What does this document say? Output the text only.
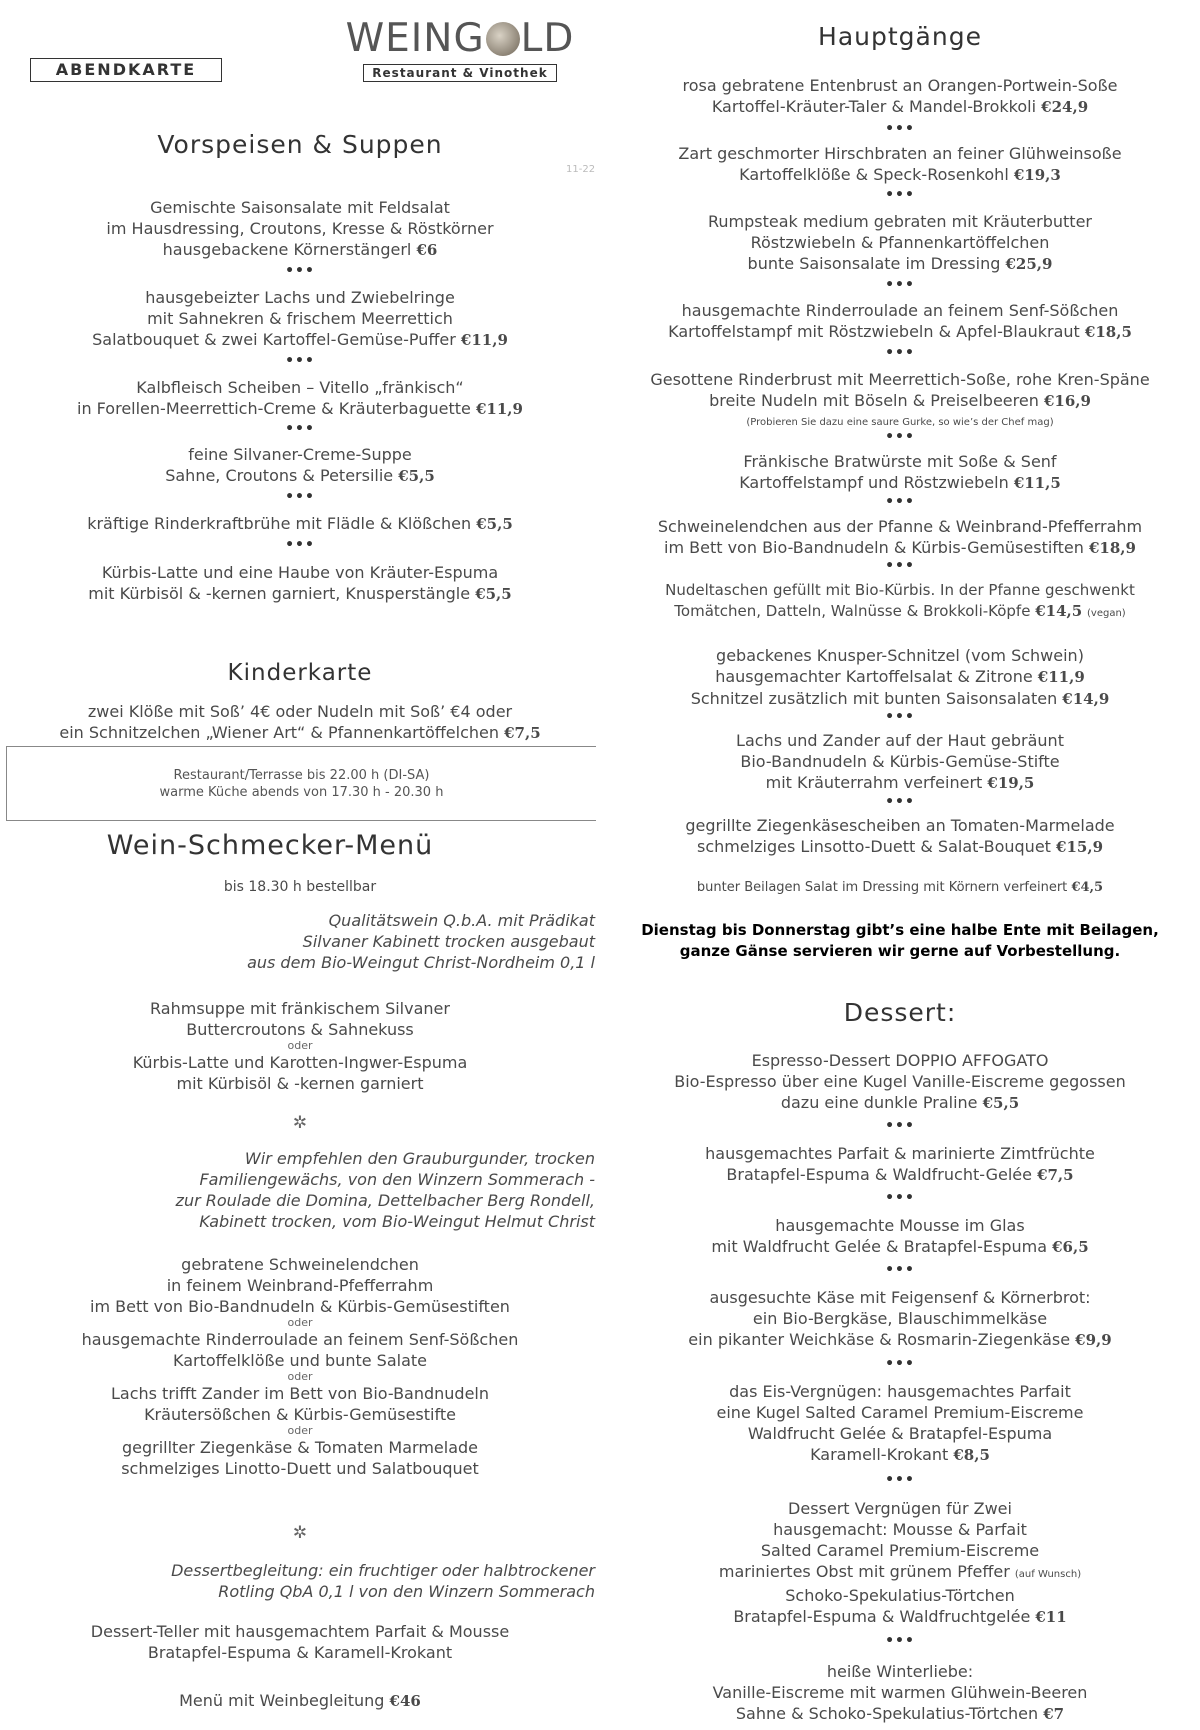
ABENDKARTE
Vorspeisen & Suppen
11-22
Gemischte Saisonsalate mit Feldsalat
im Hausdressing, Croutons, Kresse & Röstkörner
hausgebackene Körnerstängerl €6
•••
hausgebeizter Lachs und Zwiebelringe
mit Sahnekren & frischem Meerrettich
Salatbouquet & zwei Kartoffel-Gemüse-Puffer €11,9
•••
Kalbfleisch Scheiben – Vitello „fränkisch“
in Forellen-Meerrettich-Creme & Kräuterbaguette €11,9
•••
feine Silvaner-Creme-Suppe
Sahne, Croutons & Petersilie €5,5
•••
kräftige Rinderkraftbrühe mit Flädle & Klößchen €5,5
•••
Kürbis-Latte und eine Haube von Kräuter-Espuma
mit Kürbisöl & -kernen garniert, Knusperstängle €5,5
Kinderkarte
zwei Klöße mit Soß’ 4€ oder Nudeln mit Soß’ €4 oder
ein Schnitzelchen „Wiener Art“ & Pfannenkartöffelchen €7,5
Restaurant/Terrasse bis 22.00 h (DI-SA)
warme Küche abends von 17.30 h - 20.30 h
Wein-Schmecker-Menü
bis 18.30 h bestellbar
Qualitätswein Q.b.A. mit Prädikat
Silvaner Kabinett trocken ausgebaut
aus dem Bio-Weingut Christ-Nordheim 0,1 l
Rahmsuppe mit fränkischem Silvaner
Buttercroutons & Sahnekuss
oder
Kürbis-Latte und Karotten-Ingwer-Espuma
mit Kürbisöl & -kernen garniert
✲
Wir empfehlen den Grauburgunder, trocken
Familiengewächs, von den Winzern Sommerach -
zur Roulade die Domina, Dettelbacher Berg Rondell,
Kabinett trocken, vom Bio-Weingut Helmut Christ
gebratene Schweinelendchen
in feinem Weinbrand-Pfefferrahm
im Bett von Bio-Bandnudeln & Kürbis-Gemüsestiften
oder
hausgemachte Rinderroulade an feinem Senf-Sößchen
Kartoffelklöße und bunte Salate
oder
Lachs trifft Zander im Bett von Bio-Bandnudeln
Kräutersößchen & Kürbis-Gemüsestifte
oder
gegrillter Ziegenkäse & Tomaten Marmelade
schmelziges Linotto-Duett und Salatbouquet
✲
Dessertbegleitung: ein fruchtiger oder halbtrockener
Rotling QbA 0,1 l von den Winzern Sommerach
Dessert-Teller mit hausgemachtem Parfait & Mousse
Bratapfel-Espuma & Karamell-Krokant
Menü mit Weinbegleitung €46
WEING LD
Restaurant & Vinothek
Hauptgänge
rosa gebratene Entenbrust an Orangen-Portwein-Soße
Kartoffel-Kräuter-Taler & Mandel-Brokkoli €24,9
•••
Zart geschmorter Hirschbraten an feiner Glühweinsoße
Kartoffelklöße & Speck-Rosenkohl €19,3
•••
Rumpsteak medium gebraten mit Kräuterbutter
Röstzwiebeln & Pfannenkartöffelchen
bunte Saisonsalate im Dressing €25,9
•••
hausgemachte Rinderroulade an feinem Senf-Sößchen
Kartoffelstampf mit Röstzwiebeln & Apfel-Blaukraut €18,5
•••
Gesottene Rinderbrust mit Meerrettich-Soße, rohe Kren-Späne
breite Nudeln mit Böseln & Preiselbeeren €16,9
(Probieren Sie dazu eine saure Gurke, so wie’s der Chef mag)
•••
Fränkische Bratwürste mit Soße & Senf
Kartoffelstampf und Röstzwiebeln €11,5
•••
Schweinelendchen aus der Pfanne & Weinbrand-Pfefferrahm
im Bett von Bio-Bandnudeln & Kürbis-Gemüsestiften €18,9
•••
Nudeltaschen gefüllt mit Bio-Kürbis. In der Pfanne geschwenkt
Tomätchen, Datteln, Walnüsse & Brokkoli-Köpfe €14,5 (vegan)
gebackenes Knusper-Schnitzel (vom Schwein)
hausgemachter Kartoffelsalat & Zitrone €11,9
Schnitzel zusätzlich mit bunten Saisonsalaten €14,9
•••
Lachs und Zander auf der Haut gebräunt
Bio-Bandnudeln & Kürbis-Gemüse-Stifte
mit Kräuterrahm verfeinert €19,5
•••
gegrillte Ziegenkäsescheiben an Tomaten-Marmelade
schmelziges Linsotto-Duett & Salat-Bouquet €15,9
bunter Beilagen Salat im Dressing mit Körnern verfeinert €4,5
Dienstag bis Donnerstag gibt’s eine halbe Ente mit Beilagen,
ganze Gänse servieren wir gerne auf Vorbestellung.
Dessert:
Espresso-Dessert DOPPIO AFFOGATO
Bio-Espresso über eine Kugel Vanille-Eiscreme gegossen
dazu eine dunkle Praline €5,5
•••
hausgemachtes Parfait & marinierte Zimtfrüchte
Bratapfel-Espuma & Waldfrucht-Gelée €7,5
•••
hausgemachte Mousse im Glas
mit Waldfrucht Gelée & Bratapfel-Espuma €6,5
•••
ausgesuchte Käse mit Feigensenf & Körnerbrot:
ein Bio-Bergkäse, Blauschimmelkäse
ein pikanter Weichkäse & Rosmarin-Ziegenkäse €9,9
•••
das Eis-Vergnügen: hausgemachtes Parfait
eine Kugel Salted Caramel Premium-Eiscreme
Waldfrucht Gelée & Bratapfel-Espuma
Karamell-Krokant €8,5
•••
Dessert Vergnügen für Zwei
hausgemacht: Mousse & Parfait
Salted Caramel Premium-Eiscreme
mariniertes Obst mit grünem Pfeffer (auf Wunsch)
Schoko-Spekulatius-Törtchen
Bratapfel-Espuma & Waldfruchtgelée €11
•••
heiße Winterliebe:
Vanille-Eiscreme mit warmen Glühwein-Beeren
Sahne & Schoko-Spekulatius-Törtchen €7
